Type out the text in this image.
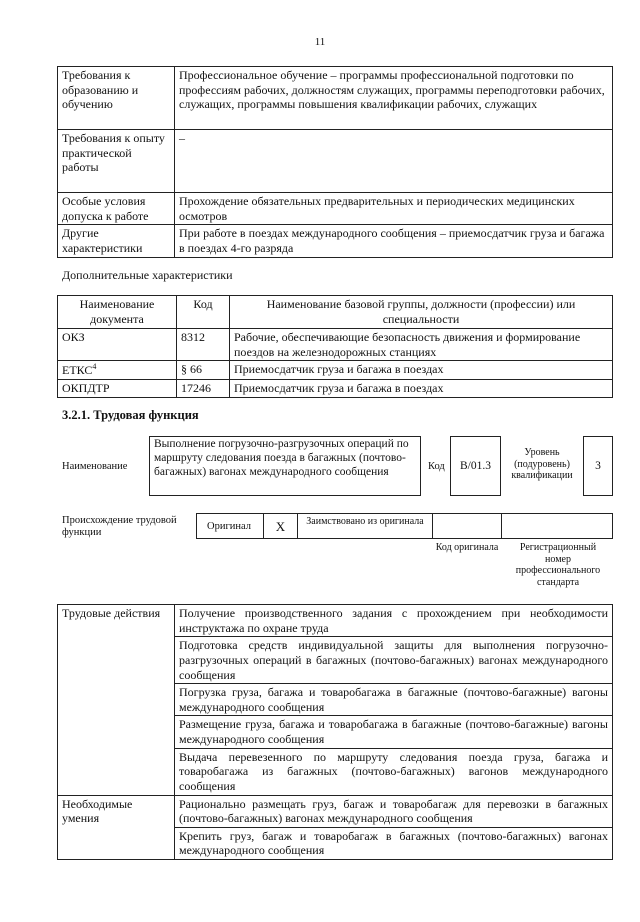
11
Требования к образованию и обучению	Профессиональное обучение – программы профессиональной подготовки по профессиям рабочих, должностям служащих, программы переподготовки рабочих, служащих, программы повышения квалификации рабочих, служащих
Требования к опыту практической работы	–
Особые условия допуска к работе	Прохождение обязательных предварительных и периодических медицинских осмотров
Другие характеристики	При работе в поездах международного сообщения – приемосдатчик груза и багажа в поездах 4-го разряда
Дополнительные характеристики
Наименование документа	Код	Наименование базовой группы, должности (профессии) или специальности
ОКЗ	8312	Рабочие, обеспечивающие безопасность движения и формирование поездов на железнодорожных станциях
ЕТКС$^4$	§ 66	Приемосдатчик груза и багажа в поездах
ОКПДТР	17246	Приемосдатчик груза и багажа в поездах
3.2.1. Трудовая функция
Наименование
Выполнение погрузочно-разгрузочных операций по маршруту следования поезда в багажных (почтово-багажных) вагонах международного сообщения	Код	B/01.3
Уровень (подуровень) квалификации
3
Происхождение трудовой функции
Оригинал	X	Заимствовано из оригинала
Код оригинала	Регистрационный номер профессионального стандарта
Трудовые действия	Получение производственного задания с прохождением при необходимости инструктажа по охране труда
	Подготовка средств индивидуальной защиты для выполнения погрузочно-разгрузочных операций в багажных (почтово-багажных) вагонах международного сообщения
	Погрузка груза, багажа и товаробагажа в багажные (почтово-багажные) вагоны международного сообщения
	Размещение груза, багажа и товаробагажа в багажные (почтово-багажные) вагоны международного сообщения
	Выдача перевезенного по маршруту следования поезда груза, багажа и товаробагажа из багажных (почтово-багажных) вагонов международного сообщения
Необходимые умения	Рационально размещать груз, багаж и товаробагаж для перевозки в багажных (почтово-багажных) вагонах международного сообщения
	Крепить груз, багаж и товаробагаж в багажных (почтово-багажных) вагонах международного сообщения
